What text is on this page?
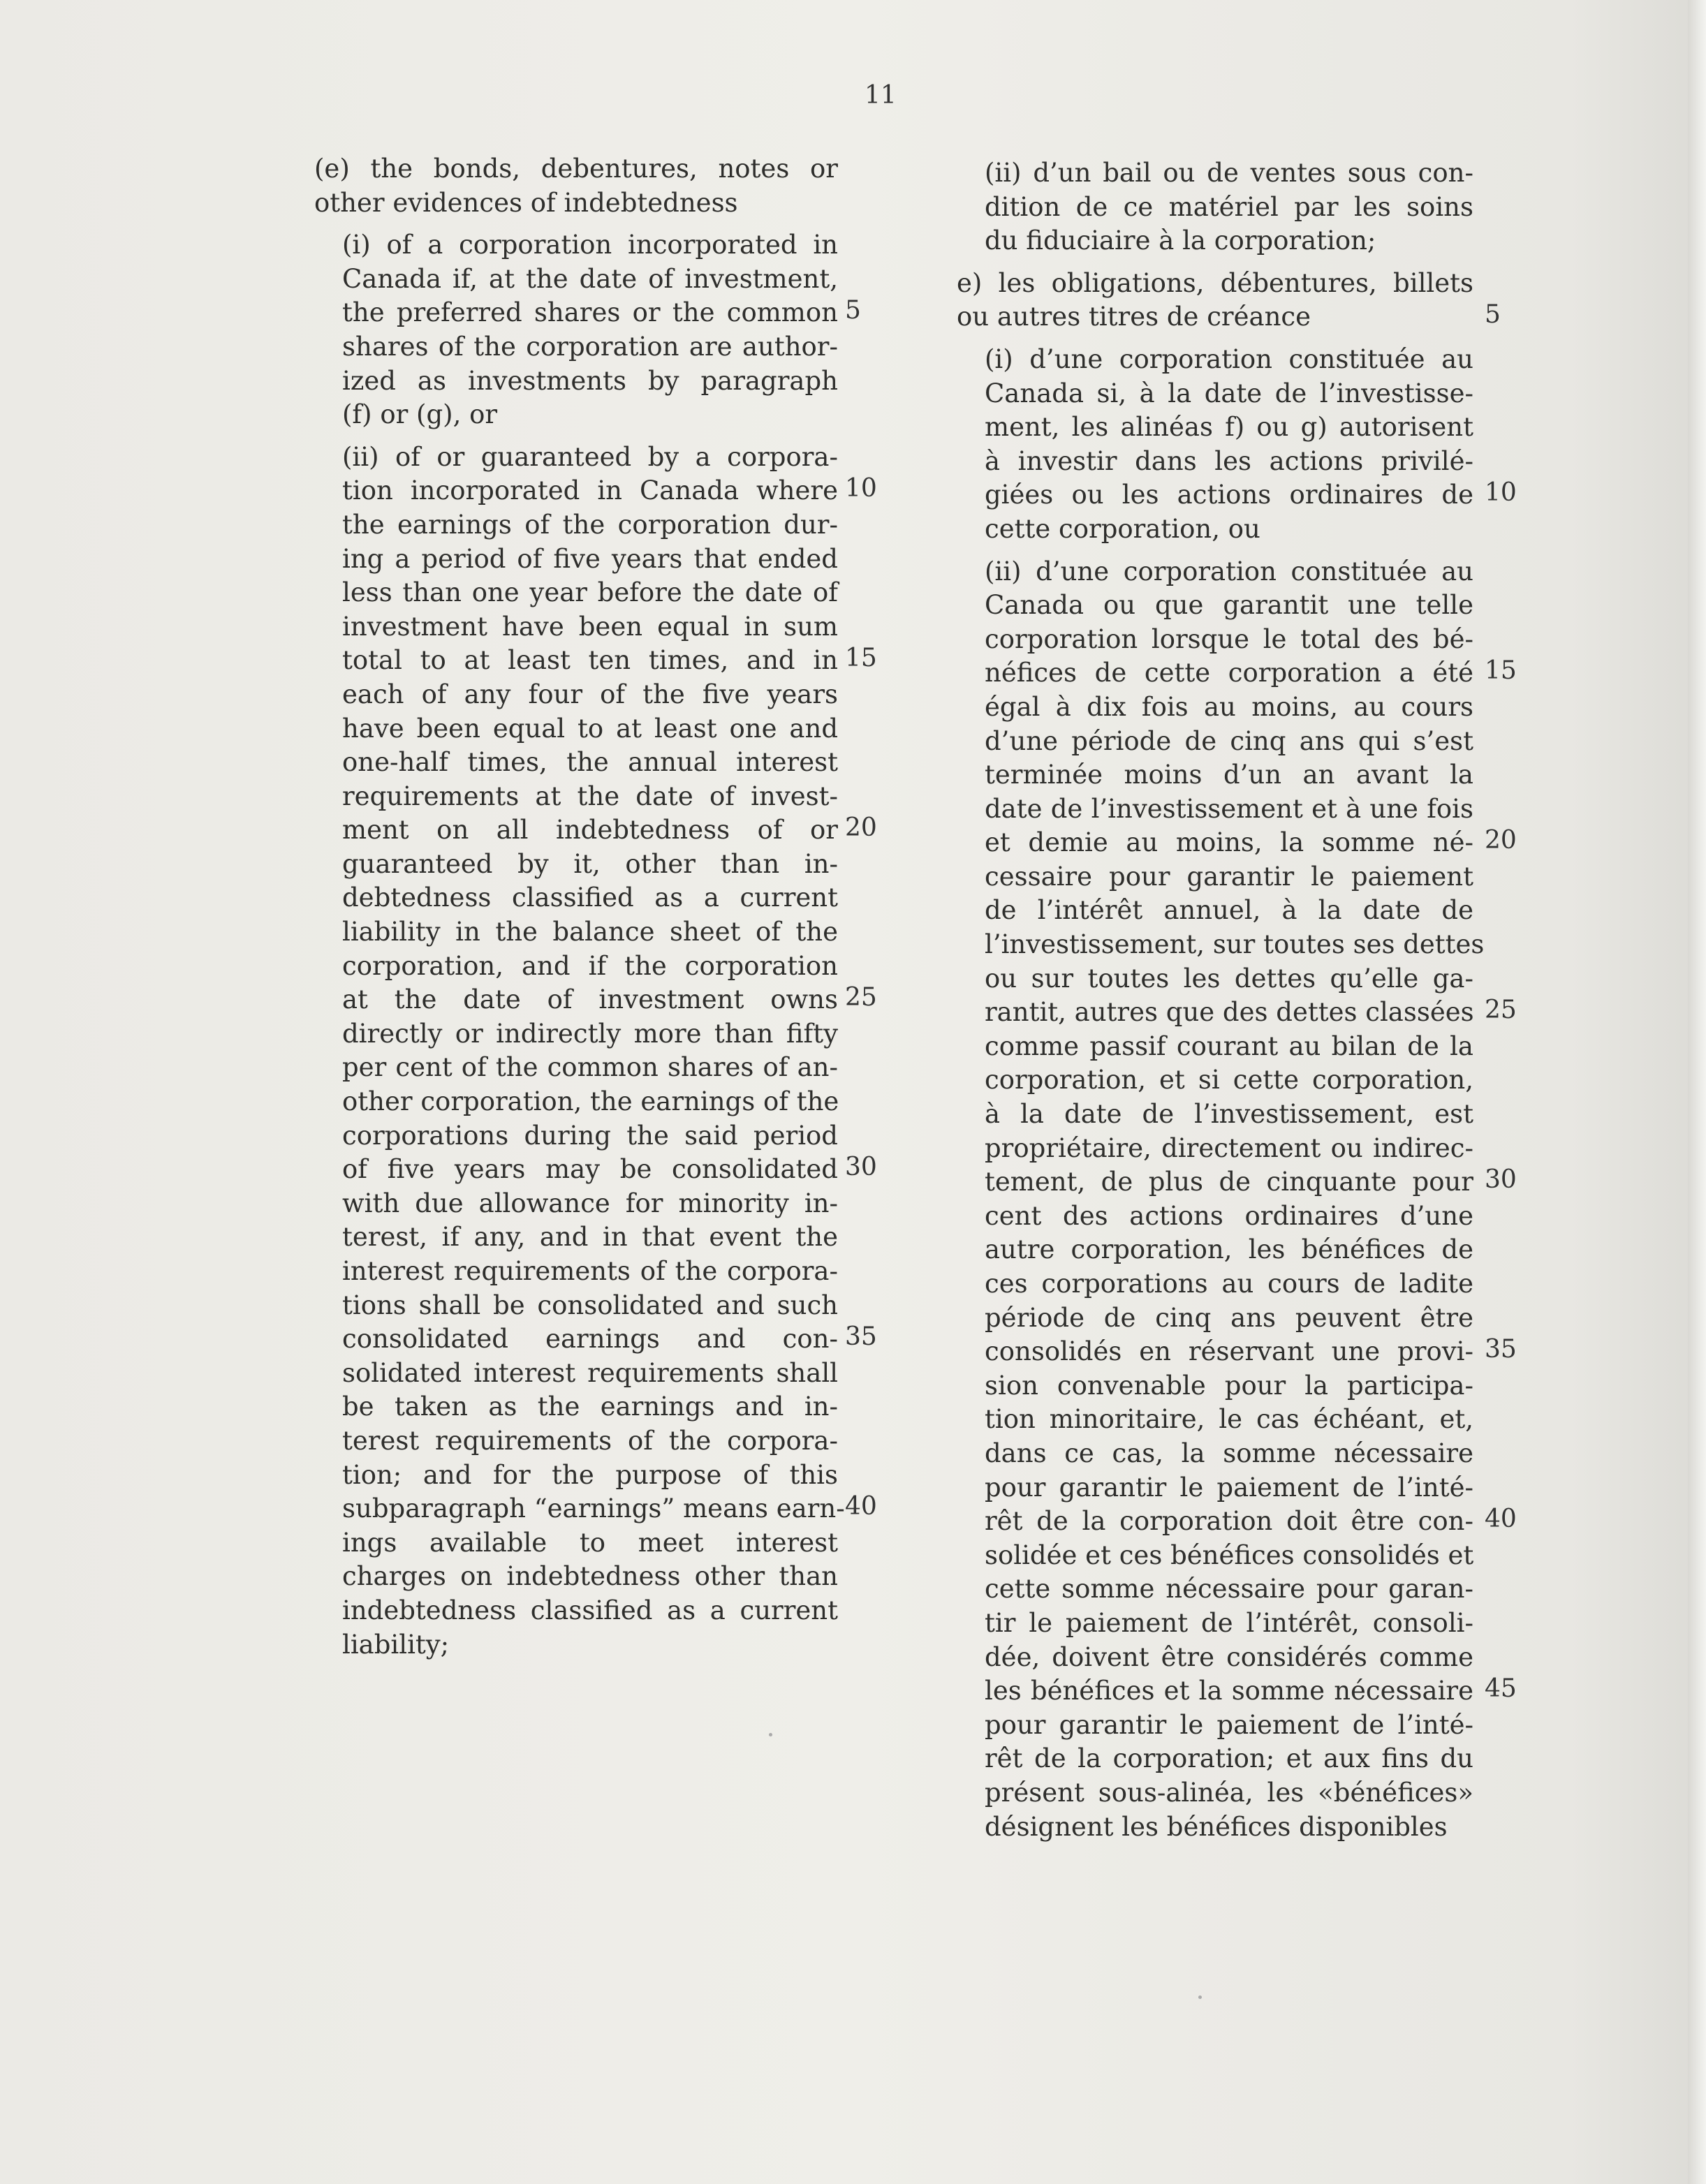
11
(e) the bonds, debentures, notes or
other evidences of indebtedness
(i) of a corporation incorporated in
Canada if, at the date of investment,
the preferred shares or the common
shares of the corporation are author-
ized as investments by paragraph
(f) or (g), or
(ii) of or guaranteed by a corpora-
tion incorporated in Canada where
the earnings of the corporation dur-
ing a period of five years that ended
less than one year before the date of
investment have been equal in sum
total to at least ten times, and in
each of any four of the five years
have been equal to at least one and
one-half times, the annual interest
requirements at the date of invest-
ment on all indebtedness of or
guaranteed by it, other than in-
debtedness classified as a current
liability in the balance sheet of the
corporation, and if the corporation
at the date of investment owns
directly or indirectly more than fifty
per cent of the common shares of an-
other corporation, the earnings of the
corporations during the said period
of five years may be consolidated
with due allowance for minority in-
terest, if any, and in that event the
interest requirements of the corpora-
tions shall be consolidated and such
consolidated earnings and con-
solidated interest requirements shall
be taken as the earnings and in-
terest requirements of the corpora-
tion; and for the purpose of this
subparagraph “earnings” means earn-
ings available to meet interest
charges on indebtedness other than
indebtedness classified as a current
liability;
(ii) d’un bail ou de ventes sous con-
dition de ce matériel par les soins
du fiduciaire à la corporation;
e) les obligations, débentures, billets
ou autres titres de créance
(i) d’une corporation constituée au
Canada si, à la date de l’investisse-
ment, les alinéas f) ou g) autorisent
à investir dans les actions privilé-
giées ou les actions ordinaires de
cette corporation, ou
(ii) d’une corporation constituée au
Canada ou que garantit une telle
corporation lorsque le total des bé-
néfices de cette corporation a été
égal à dix fois au moins, au cours
d’une période de cinq ans qui s’est
terminée moins d’un an avant la
date de l’investissement et à une fois
et demie au moins, la somme né-
cessaire pour garantir le paiement
de l’intérêt annuel, à la date de
l’investissement, sur toutes ses dettes
ou sur toutes les dettes qu’elle ga-
rantit, autres que des dettes classées
comme passif courant au bilan de la
corporation, et si cette corporation,
à la date de l’investissement, est
propriétaire, directement ou indirec-
tement, de plus de cinquante pour
cent des actions ordinaires d’une
autre corporation, les bénéfices de
ces corporations au cours de ladite
période de cinq ans peuvent être
consolidés en réservant une provi-
sion convenable pour la participa-
tion minoritaire, le cas échéant, et,
dans ce cas, la somme nécessaire
pour garantir le paiement de l’inté-
rêt de la corporation doit être con-
solidée et ces bénéfices consolidés et
cette somme nécessaire pour garan-
tir le paiement de l’intérêt, consoli-
dée, doivent être considérés comme
les bénéfices et la somme nécessaire
pour garantir le paiement de l’inté-
rêt de la corporation; et aux fins du
présent sous-alinéa, les «bénéfices»
désignent les bénéfices disponibles
5
10
15
20
25
30
35
40
5
10
15
20
25
30
35
40
45
